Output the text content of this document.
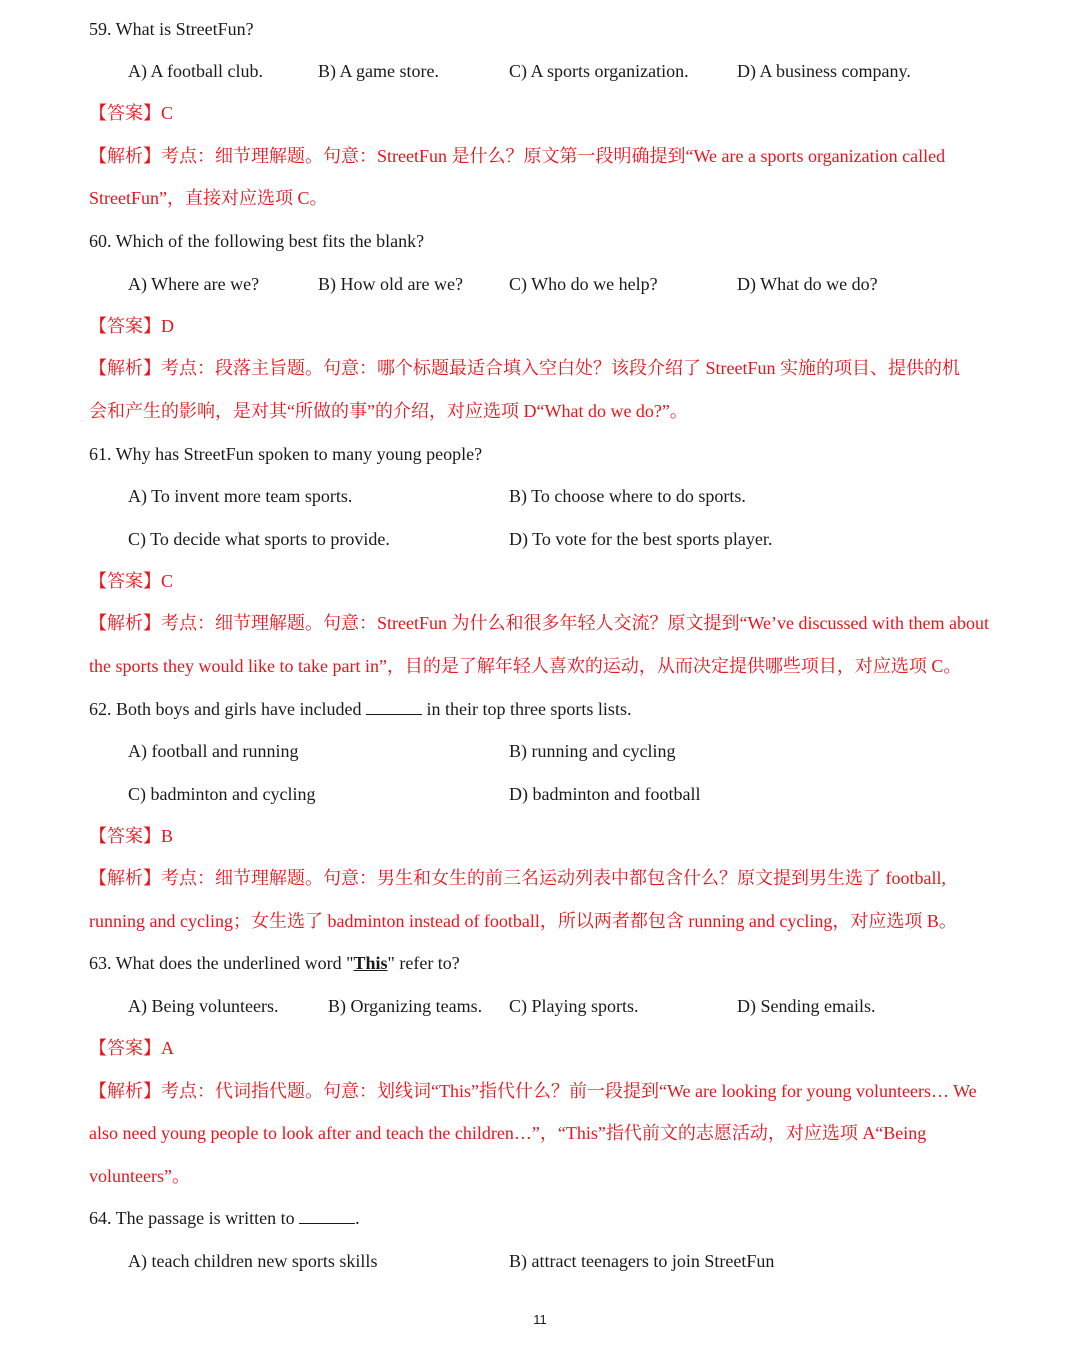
59. What is StreetFun?
A) A football club.	B) A game store.	C) A sports organization.	D) A business company.
【答案】C
【解析】考点：细节理解题。句意：StreetFun 是什么？原文第一段明确提到“We are a sports organization called
StreetFun”，直接对应选项 C。
60. Which of the following best fits the blank?
A) Where are we?	B) How old are we?	C) Who do we help?	D) What do we do?
【答案】D
【解析】考点：段落主旨题。句意：哪个标题最适合填入空白处？该段介绍了 StreetFun 实施的项目、提供的机
会和产生的影响，是对其“所做的事”的介绍，对应选项 D“What do we do?”。
61. Why has StreetFun spoken to many young people?
A) To invent more team sports.	B) To choose where to do sports.
C) To decide what sports to provide.	D) To vote for the best sports player.
【答案】C
【解析】考点：细节理解题。句意：StreetFun 为什么和很多年轻人交流？原文提到“We’ve discussed with them about
the sports they would like to take part in”，目的是了解年轻人喜欢的运动，从而决定提供哪些项目，对应选项 C。
62. Both boys and girls have included	in their top three sports lists.
A) football and running	B) running and cycling
C) badminton and cycling	D) badminton and football
【答案】B
【解析】考点：细节理解题。句意：男生和女生的前三名运动列表中都包含什么？原文提到男生选了 football,
running and cycling；女生选了 badminton instead of football，所以两者都包含 running and cycling，对应选项 B。
63. What does the underlined word "This" refer to?
A) Being volunteers.	B) Organizing teams. C) Playing sports.	D) Sending emails.
【答案】A
【解析】考点：代词指代题。句意：划线词“This”指代什么？前一段提到“We are looking for young volunteers… We
also need young people to look after and teach the children…”，“This”指代前文的志愿活动，对应选项 A“Being
volunteers”。
64. The passage is written to	.
A) teach children new sports skills	B) attract teenagers to join StreetFun
11
